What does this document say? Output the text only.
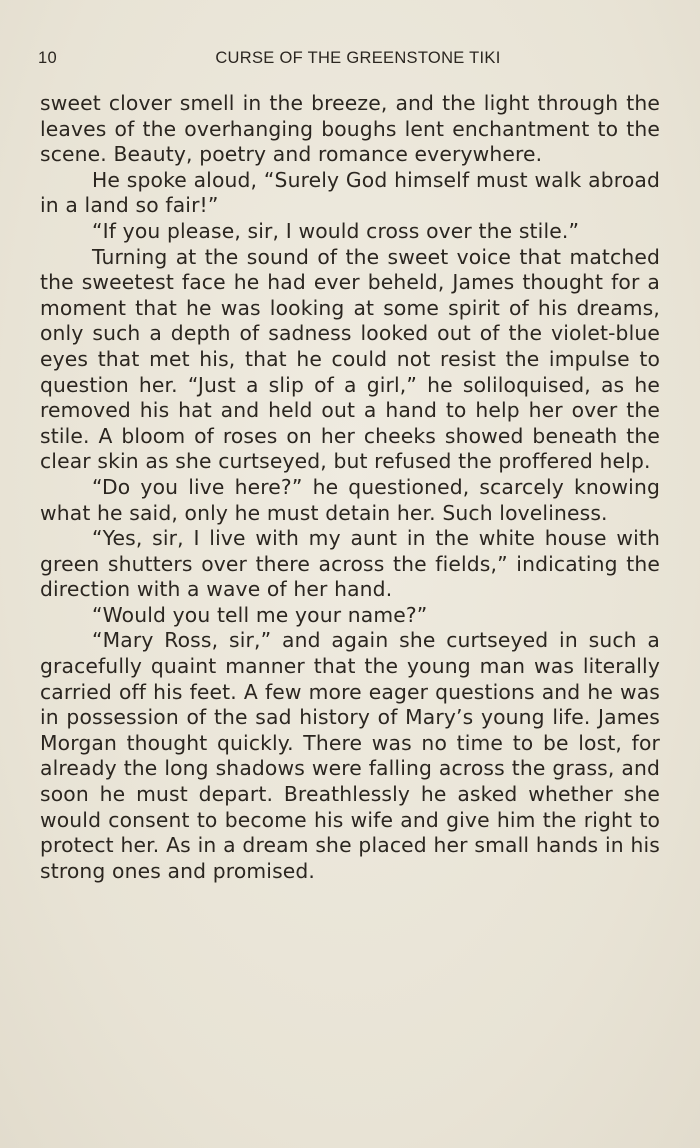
10	CURSE OF THE GREENSTONE TIKI

sweet clover smell in the breeze, and the light through the leaves of the overhanging boughs lent enchantment to the scene. Beauty, poetry and romance everywhere.

He spoke aloud, “Surely God himself must walk abroad in a land so fair!”

“If you please, sir, I would cross over the stile.”

Turning at the sound of the sweet voice that matched the sweetest face he had ever beheld, James thought for a moment that he was looking at some spirit of his dreams, only such a depth of sadness looked out of the violet-blue eyes that met his, that he could not resist the impulse to question her. “Just a slip of a girl,” he soliloquised, as he removed his hat and held out a hand to help her over the stile. A bloom of roses on her cheeks showed beneath the clear skin as she curtseyed, but refused the proffered help.

“Do you live here?” he questioned, scarcely knowing what he said, only he must detain her. Such loveliness.

“Yes, sir, I live with my aunt in the white house with green shutters over there across the fields,” indicating the direction with a wave of her hand.

“Would you tell me your name?”

“Mary Ross, sir,” and again she curtseyed in such a gracefully quaint manner that the young man was literally carried off his feet. A few more eager questions and he was in possession of the sad history of Mary’s young life. James Morgan thought quickly. There was no time to be lost, for already the long shadows were falling across the grass, and soon he must depart. Breathlessly he asked whether she would consent to become his wife and give him the right to protect her. As in a dream she placed her small hands in his strong ones and promised.
